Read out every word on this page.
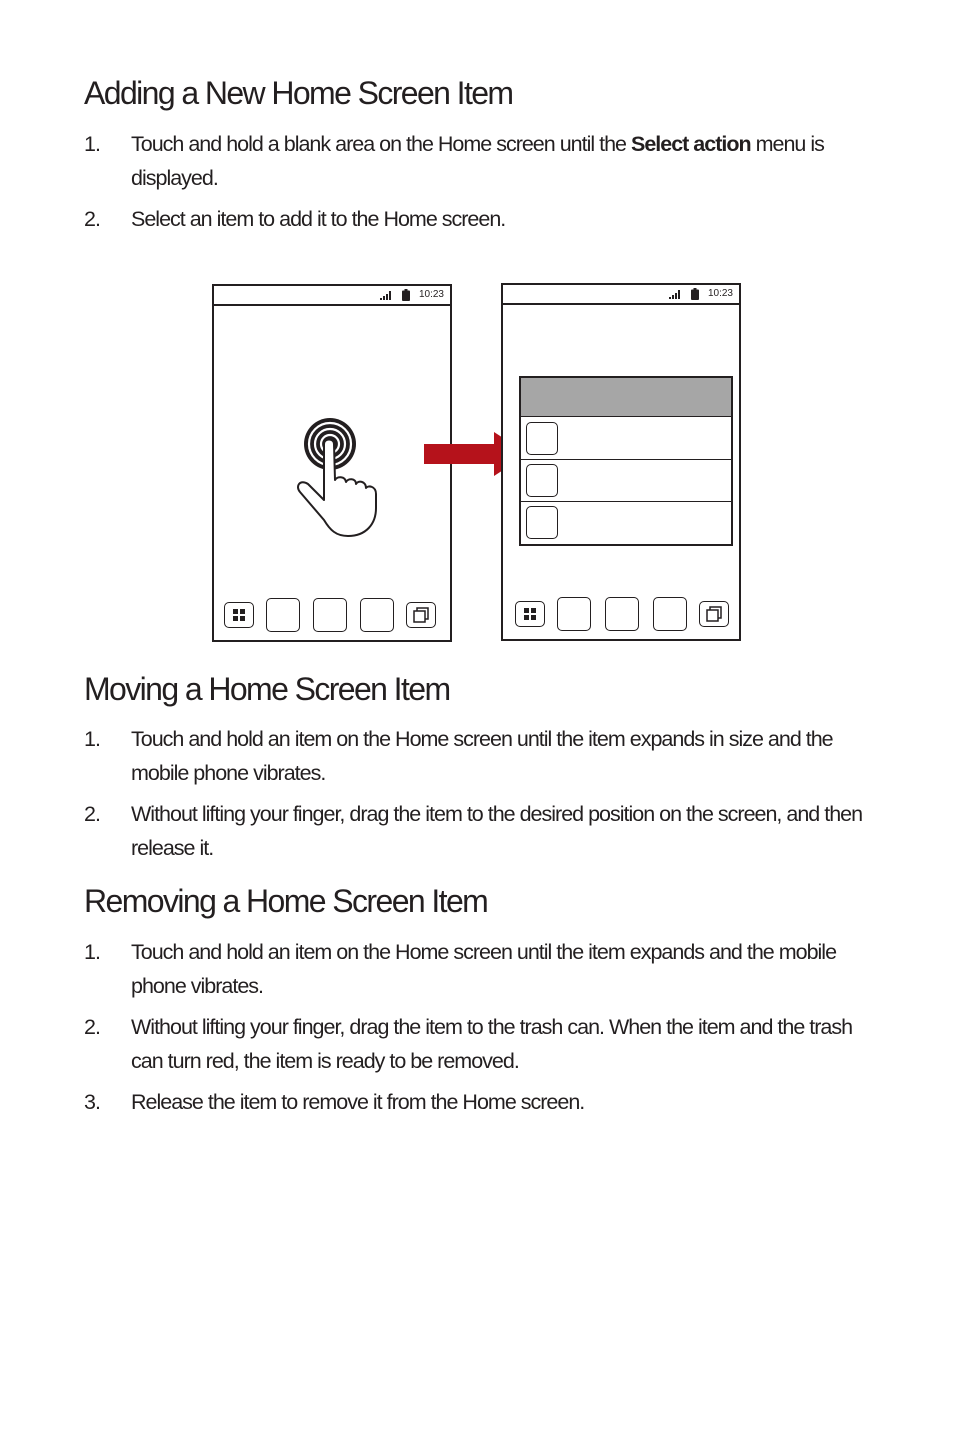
Adding a New Home Screen Item
1. Touch and hold a blank area on the Home screen until the Select action menu is displayed.
2. Select an item to add it to the Home screen.
10:23	10:23
Moving a Home Screen Item
1. Touch and hold an item on the Home screen until the item expands in size and the mobile phone vibrates.
2. Without lifting your finger, drag the item to the desired position on the screen, and then release it.
Removing a Home Screen Item
1. Touch and hold an item on the Home screen until the item expands and the mobile phone vibrates.
2. Without lifting your finger, drag the item to the trash can. When the item and the trash can turn red, the item is ready to be removed.
3. Release the item to remove it from the Home screen.
